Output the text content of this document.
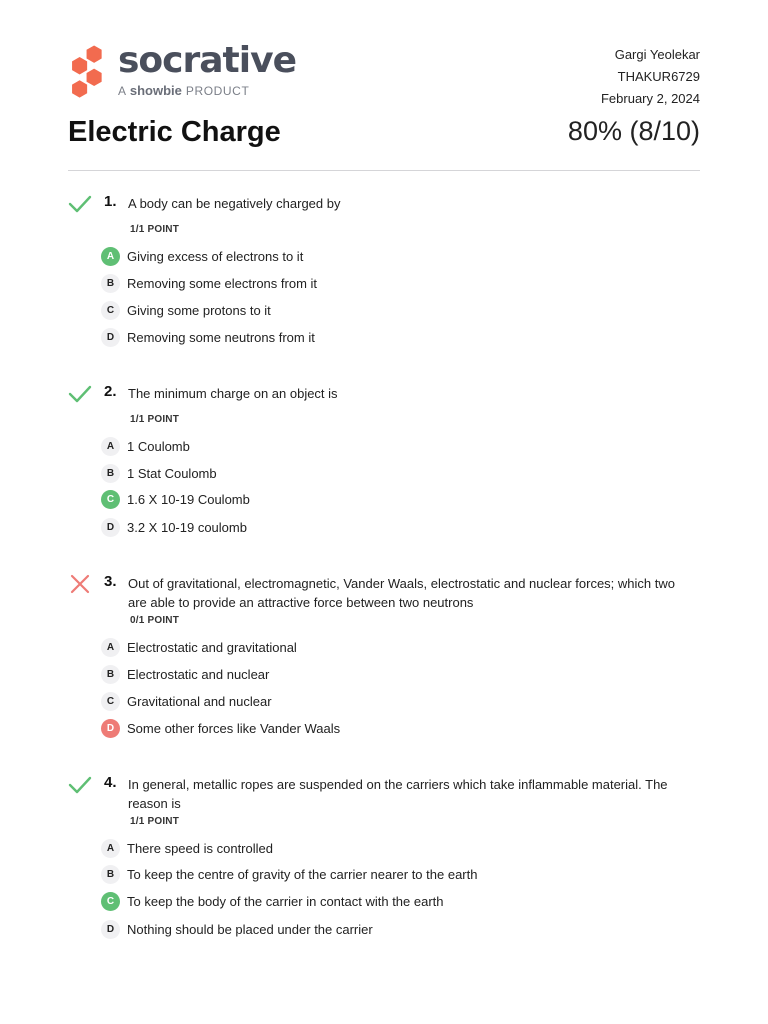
socrative
A showbie PRODUCT
Gargi Yeolekar
THAKUR6729
February 2, 2024
Electric Charge	80% (8/10)
1. A body can be negatively charged by
1/1 POINT
A Giving excess of electrons to it
B Removing some electrons from it
C Giving some protons to it
D Removing some neutrons from it
2. The minimum charge on an object is
1/1 POINT
A 1 Coulomb
B 1 Stat Coulomb
C 1.6 X 10-19 Coulomb
D 3.2 X 10-19 coulomb
3. Out of gravitational, electromagnetic, Vander Waals, electrostatic and nuclear forces; which two are able to provide an attractive force between two neutrons
0/1 POINT
A Electrostatic and gravitational
B Electrostatic and nuclear
C Gravitational and nuclear
D Some other forces like Vander Waals
4. In general, metallic ropes are suspended on the carriers which take inflammable material. The reason is
1/1 POINT
A There speed is controlled
B To keep the centre of gravity of the carrier nearer to the earth
C To keep the body of the carrier in contact with the earth
D Nothing should be placed under the carrier
